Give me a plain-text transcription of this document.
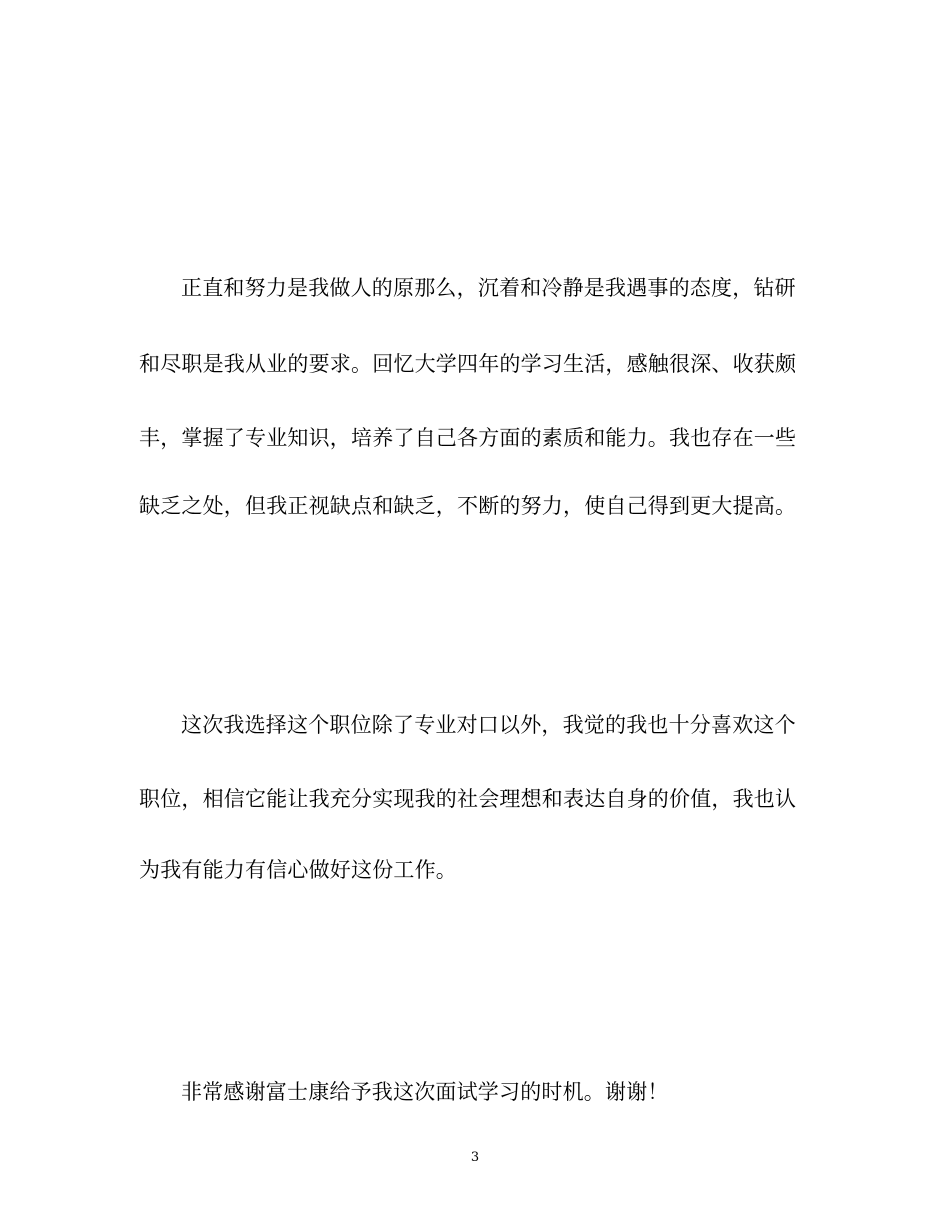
正直和努力是我做人的原那么，沉着和冷静是我遇事的态度，钻研
和尽职是我从业的要求。回忆大学四年的学习生活，感触很深、收获颇
丰，掌握了专业知识，培养了自己各方面的素质和能力。我也存在一些
缺乏之处，但我正视缺点和缺乏，不断的努力，使自己得到更大提高。
这次我选择这个职位除了专业对口以外，我觉的我也十分喜欢这个
职位，相信它能让我充分实现我的社会理想和表达自身的价值，我也认
为我有能力有信心做好这份工作。
非常感谢富士康给予我这次面试学习的时机。谢谢！
3
